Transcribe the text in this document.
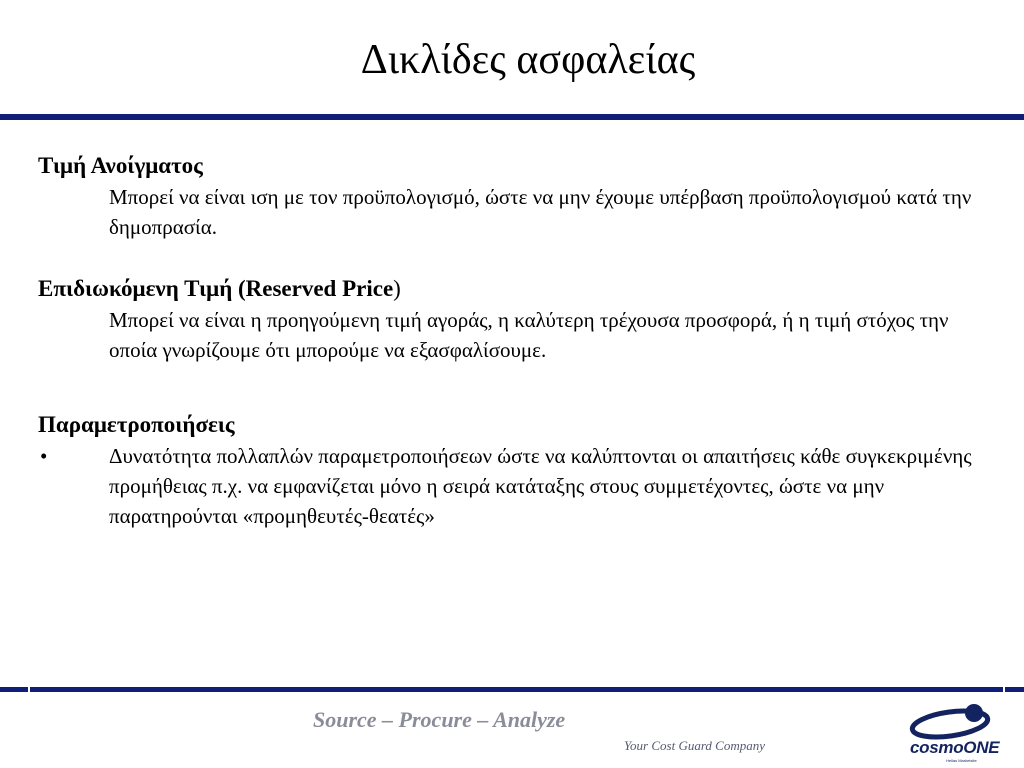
Δικλίδες ασφαλείας

Τιμή Ανοίγματος

Μπορεί να είναι ιση με τον προϋπολογισμό, ώστε να μην έχουμε υπέρβαση προϋπολογισμού κατά την δημοπρασία.

Επιδιωκόμενη Τιμή (Reserved Price)

Μπορεί να είναι η προηγούμενη τιμή αγοράς, η καλύτερη τρέχουσα προσφορά, ή η τιμή στόχος την οποία γνωρίζουμε ότι μπορούμε να εξασφαλίσουμε.

Παραμετροποιήσεις

•	Δυνατότητα πολλαπλών παραμετροποιήσεων ώστε να καλύπτονται οι απαιτήσεις κάθε συγκεκριμένης προμήθειας π.χ. να εμφανίζεται μόνο η σειρά κατάταξης στους συμμετέχοντες, ώστε να μην παρατηρούνται «προμηθευτές-θεατές»
Source – Procure – Analyze
Your Cost Guard Company	cosmoONE
Hellas Marketsite
